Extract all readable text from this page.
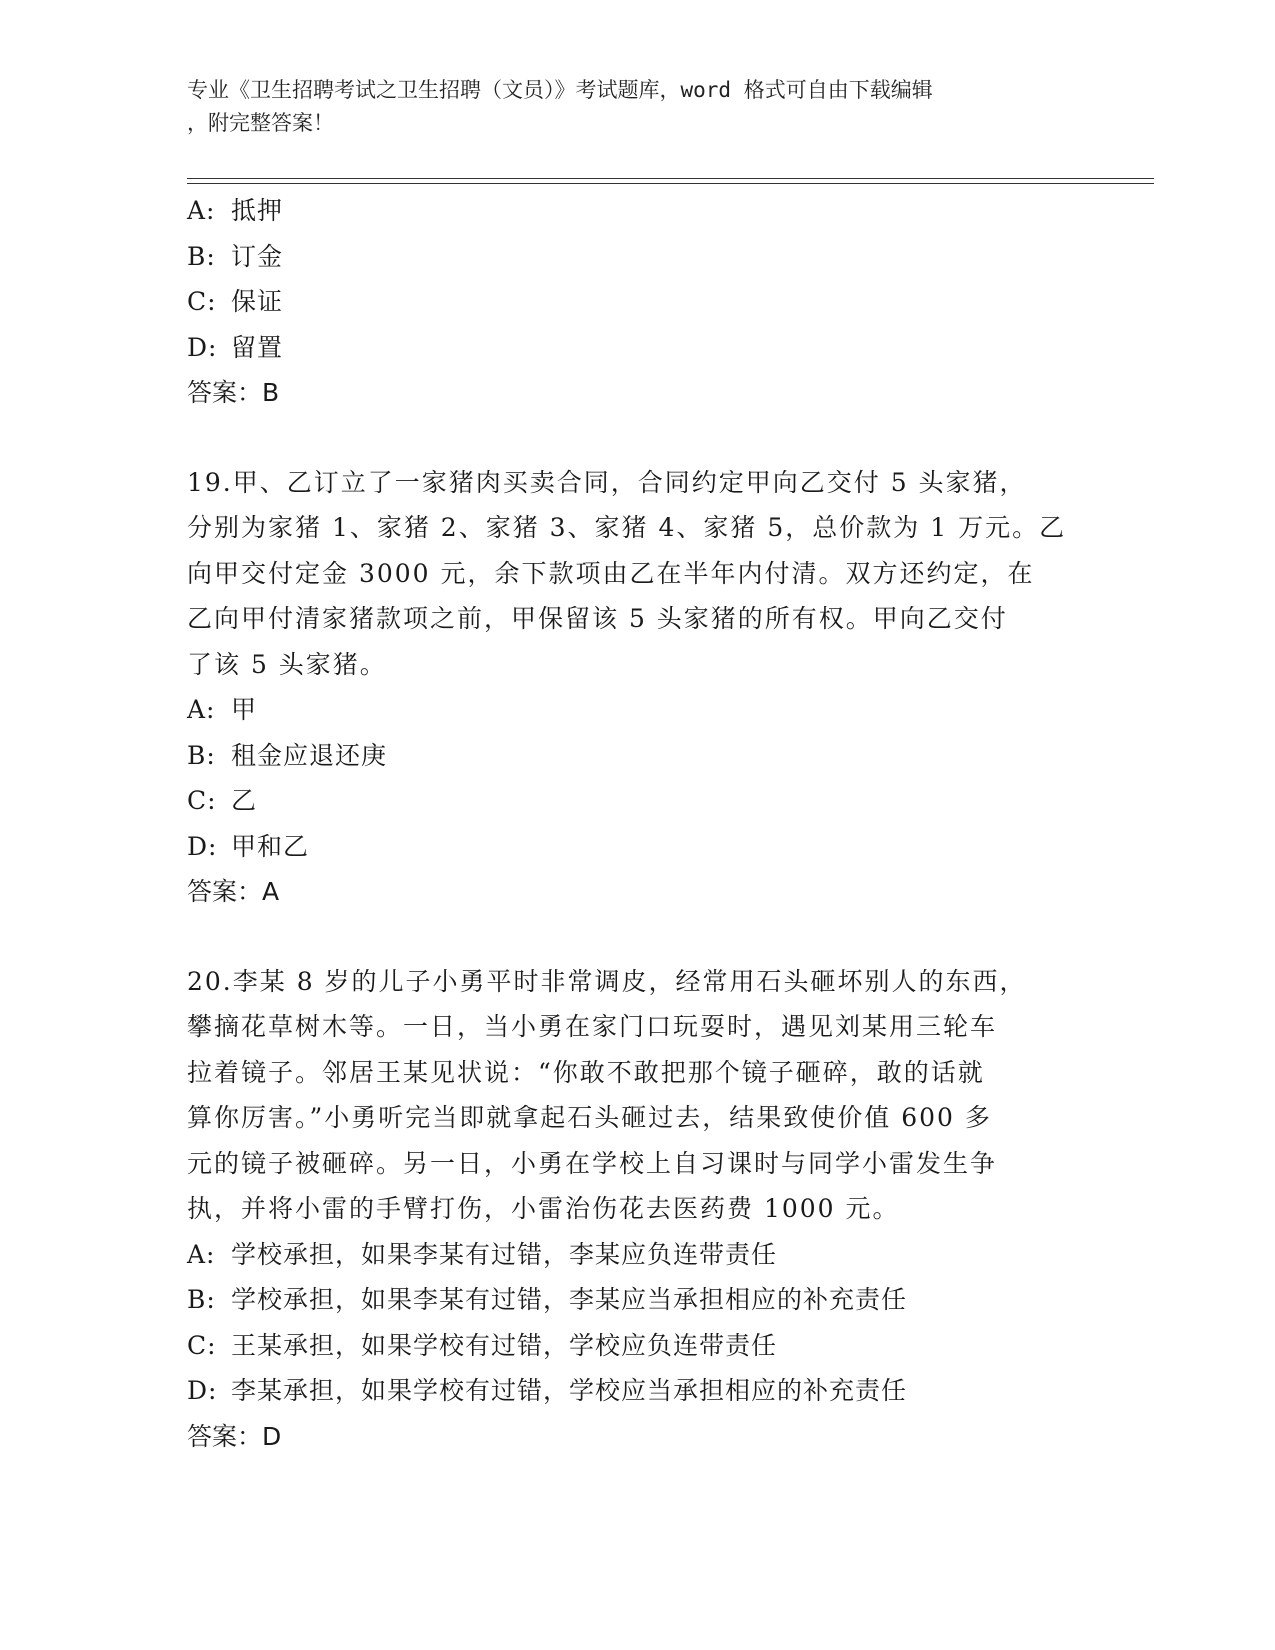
专业《卫生招聘考试之卫生招聘（文员）》考试题库，word 格式可自由下载编辑
，附完整答案！
A: 抵押
B: 订金
C: 保证
D: 留置
答案：B
19.甲、乙订立了一家猪肉买卖合同，合同约定甲向乙交付 5 头家猪，
分别为家猪 1、家猪 2、家猪 3、家猪 4、家猪 5，总价款为 1 万元。乙
向甲交付定金 3000 元，余下款项由乙在半年内付清。双方还约定，在
乙向甲付清家猪款项之前，甲保留该 5 头家猪的所有权。甲向乙交付
了该 5 头家猪。
A: 甲
B: 租金应退还庚
C: 乙
D: 甲和乙
答案：A
20.李某 8 岁的儿子小勇平时非常调皮，经常用石头砸坏别人的东西，
攀摘花草树木等。一日，当小勇在家门口玩耍时，遇见刘某用三轮车
拉着镜子。邻居王某见状说：“你敢不敢把那个镜子砸碎，敢的话就
算你厉害。”小勇听完当即就拿起石头砸过去，结果致使价值 600 多
元的镜子被砸碎。另一日，小勇在学校上自习课时与同学小雷发生争
执，并将小雷的手臂打伤，小雷治伤花去医药费 1000 元。
A: 学校承担，如果李某有过错，李某应负连带责任
B: 学校承担，如果李某有过错，李某应当承担相应的补充责任
C: 王某承担，如果学校有过错，学校应负连带责任
D: 李某承担，如果学校有过错，学校应当承担相应的补充责任
答案：D
